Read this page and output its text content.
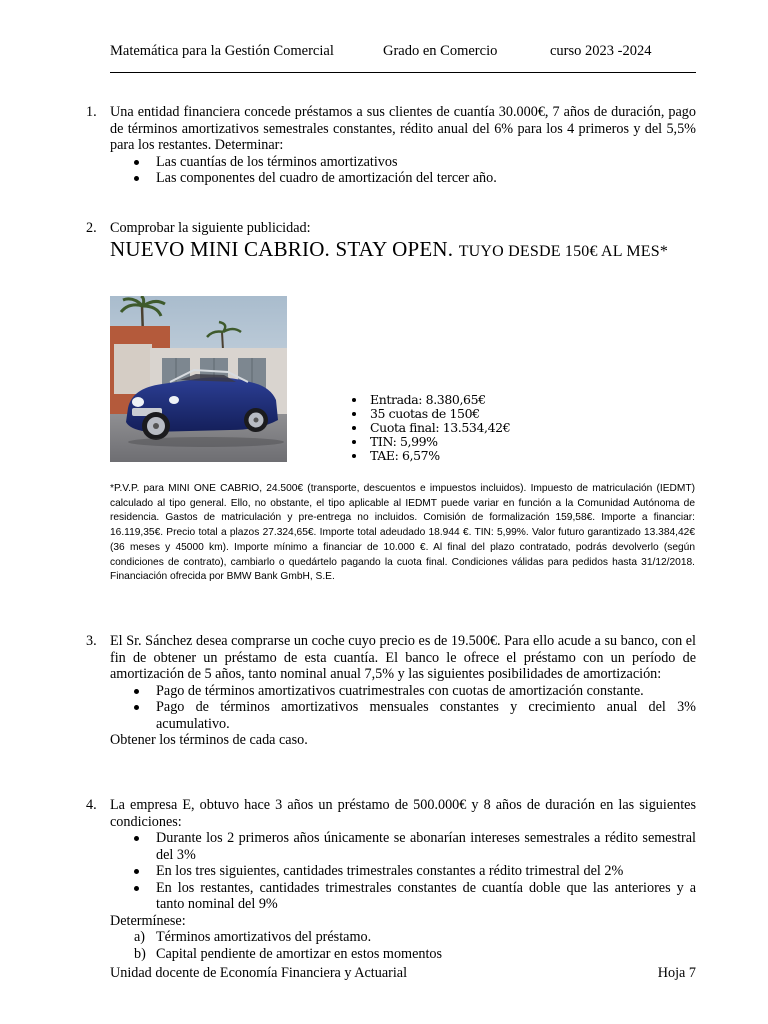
Matemática para la Gestión Comercial	Grado en Comercio	curso 2023 -2024
1. Una entidad financiera concede préstamos a sus clientes de cuantía 30.000€, 7 años de duración, pago de términos amortizativos semestrales constantes, rédito anual del 6% para los 4 primeros y del 5,5% para los restantes. Determinar:
Las cuantías de los términos amortizativos
Las componentes del cuadro de amortización del tercer año.
2. Comprobar la siguiente publicidad:
NUEVO MINI CABRIO. STAY OPEN. TUYO DESDE 150€ AL MES*
Entrada: 8.380,65€
35 cuotas de 150€
Cuota final: 13.534,42€
TIN: 5,99%
TAE: 6,57%
*P.V.P. para MINI ONE CABRIO, 24.500€ (transporte, descuentos e impuestos incluidos). Impuesto de matriculación (IEDMT) calculado al tipo general. Ello, no obstante, el tipo aplicable al IEDMT puede variar en función a la Comunidad Autónoma de residencia. Gastos de matriculación y pre-entrega no incluidos. Comisión de formalización 159,58€. Importe a financiar: 16.119,35€. Precio total a plazos 27.324,65€. Importe total adeudado 18.944 €. TIN: 5,99%. Valor futuro garantizado 13.384,42€ (36 meses y 45000 km). Importe mínimo a financiar de 10.000 €. Al final del plazo contratado, podrás devolverlo (según condiciones de contrato), cambiarlo o quedártelo pagando la cuota final. Condiciones válidas para pedidos hasta 31/12/2018. Financiación ofrecida por BMW Bank GmbH, S.E.
3. El Sr. Sánchez desea comprarse un coche cuyo precio es de 19.500€. Para ello acude a su banco, con el fin de obtener un préstamo de esta cuantía. El banco le ofrece el préstamo con un período de amortización de 5 años, tanto nominal anual 7,5% y las siguientes posibilidades de amortización:
Pago de términos amortizativos cuatrimestrales con cuotas de amortización constante.
Pago de términos amortizativos mensuales constantes y crecimiento anual del 3% acumulativo.
Obtener los términos de cada caso.
4. La empresa E, obtuvo hace 3 años un préstamo de 500.000€ y 8 años de duración en las siguientes condiciones:
Durante los 2 primeros años únicamente se abonarían intereses semestrales a rédito semestral del 3%
En los tres siguientes, cantidades trimestrales constantes a rédito trimestral del 2%
En los restantes, cantidades trimestrales constantes de cuantía doble que las anteriores y a tanto nominal del 9%
Determínese:
a) Términos amortizativos del préstamo.
b) Capital pendiente de amortizar en estos momentos
Unidad docente de Economía Financiera y Actuarial	Hoja 7
